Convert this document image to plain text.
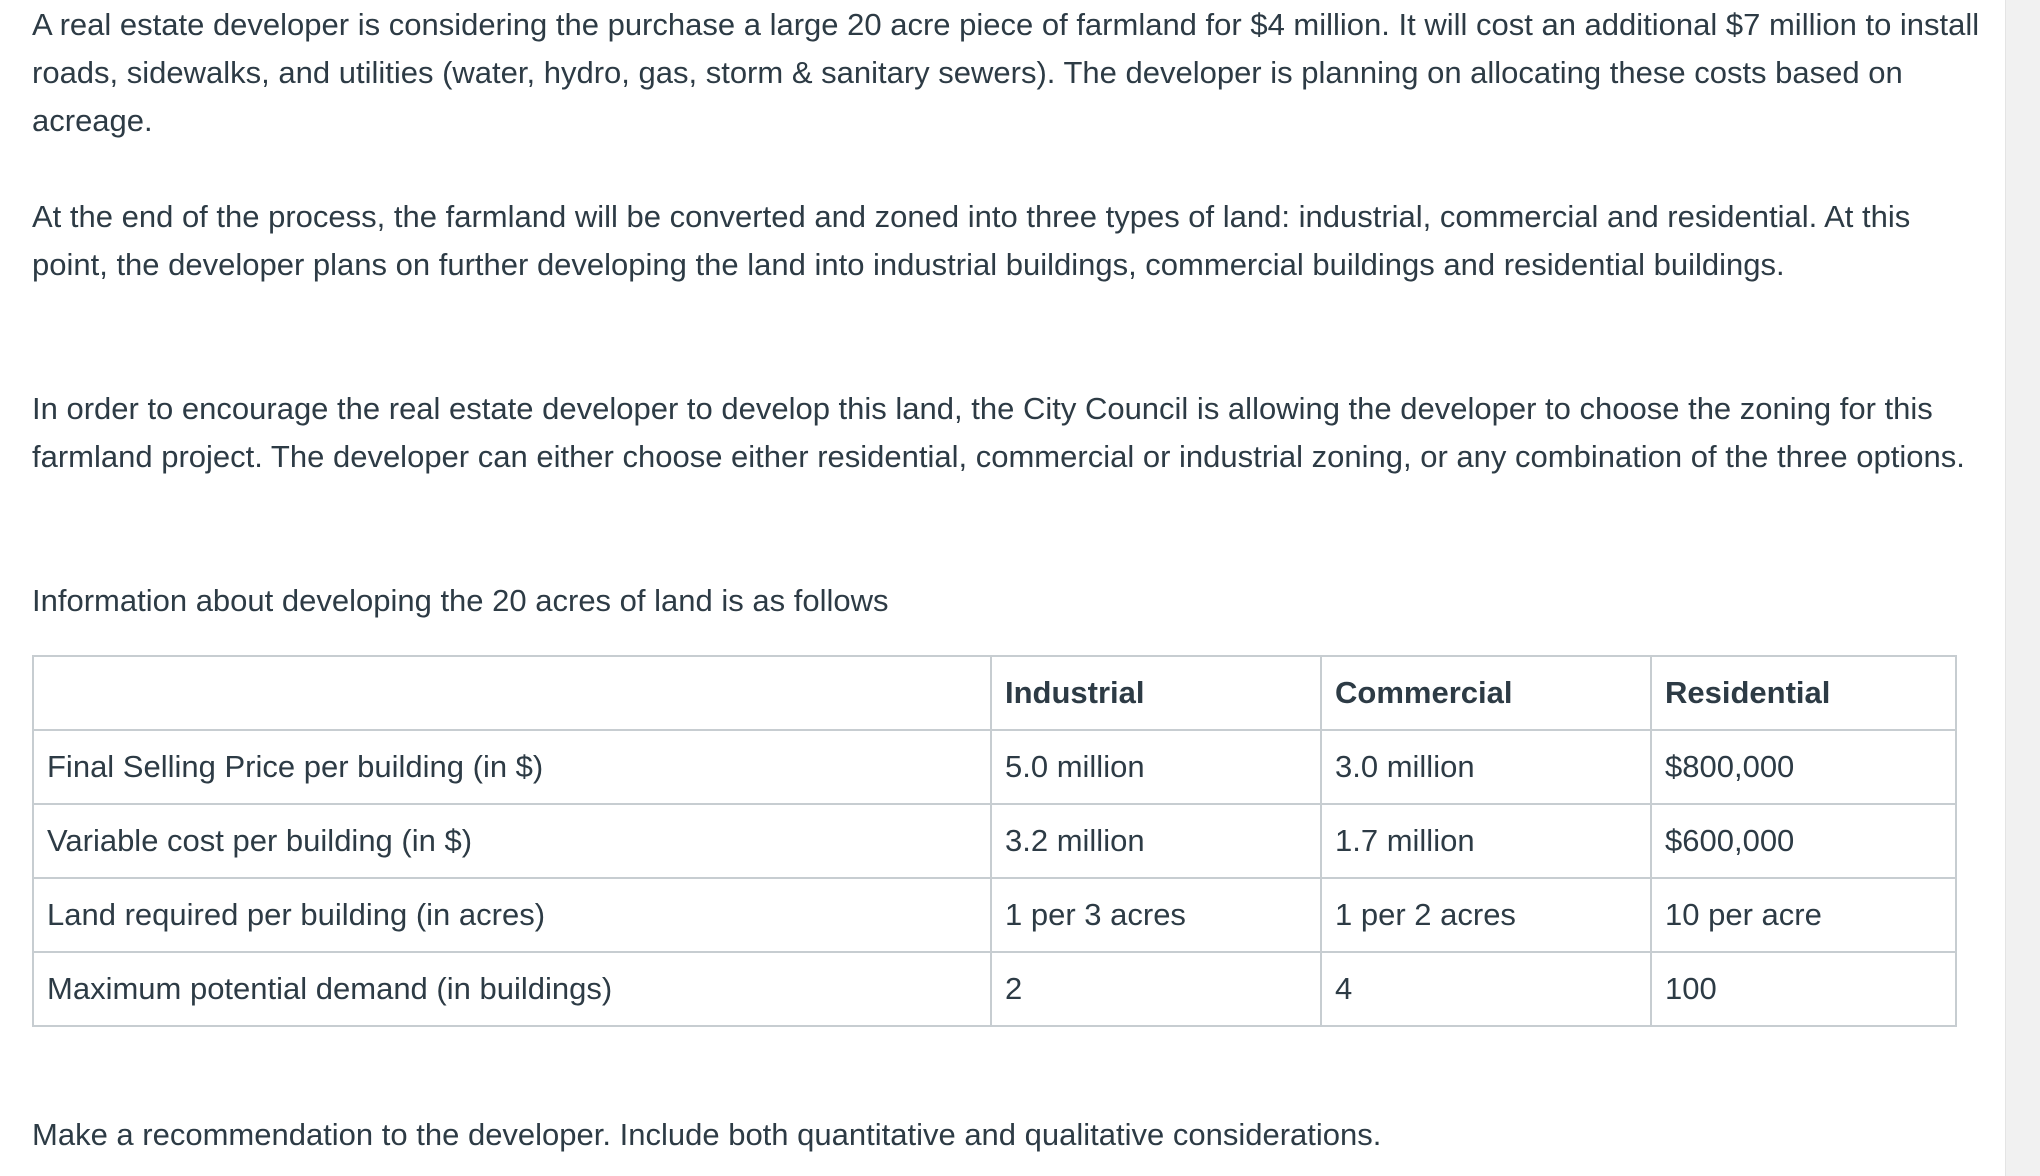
A real estate developer is considering the purchase a large 20 acre piece of farmland for $4 million. It will cost an additional $7 million to install roads, sidewalks, and utilities (water, hydro, gas, storm & sanitary sewers). The developer is planning on allocating these costs based on acreage.

At the end of the process, the farmland will be converted and zoned into three types of land: industrial, commercial and residential. At this point, the developer plans on further developing the land into industrial buildings, commercial buildings and residential buildings.

In order to encourage the real estate developer to develop this land, the City Council is allowing the developer to choose the zoning for this farmland project. The developer can either choose either residential, commercial or industrial zoning, or any combination of the three options.

Information about developing the 20 acres of land is as follows

	Industrial	Commercial	Residential
Final Selling Price per building (in $)	5.0 million	3.0 million	$800,000
Variable cost per building (in $)	3.2 million	1.7 million	$600,000
Land required per building (in acres)	1 per 3 acres	1 per 2 acres	10 per acre
Maximum potential demand (in buildings)	2	4	100

Make a recommendation to the developer. Include both quantitative and qualitative considerations.
